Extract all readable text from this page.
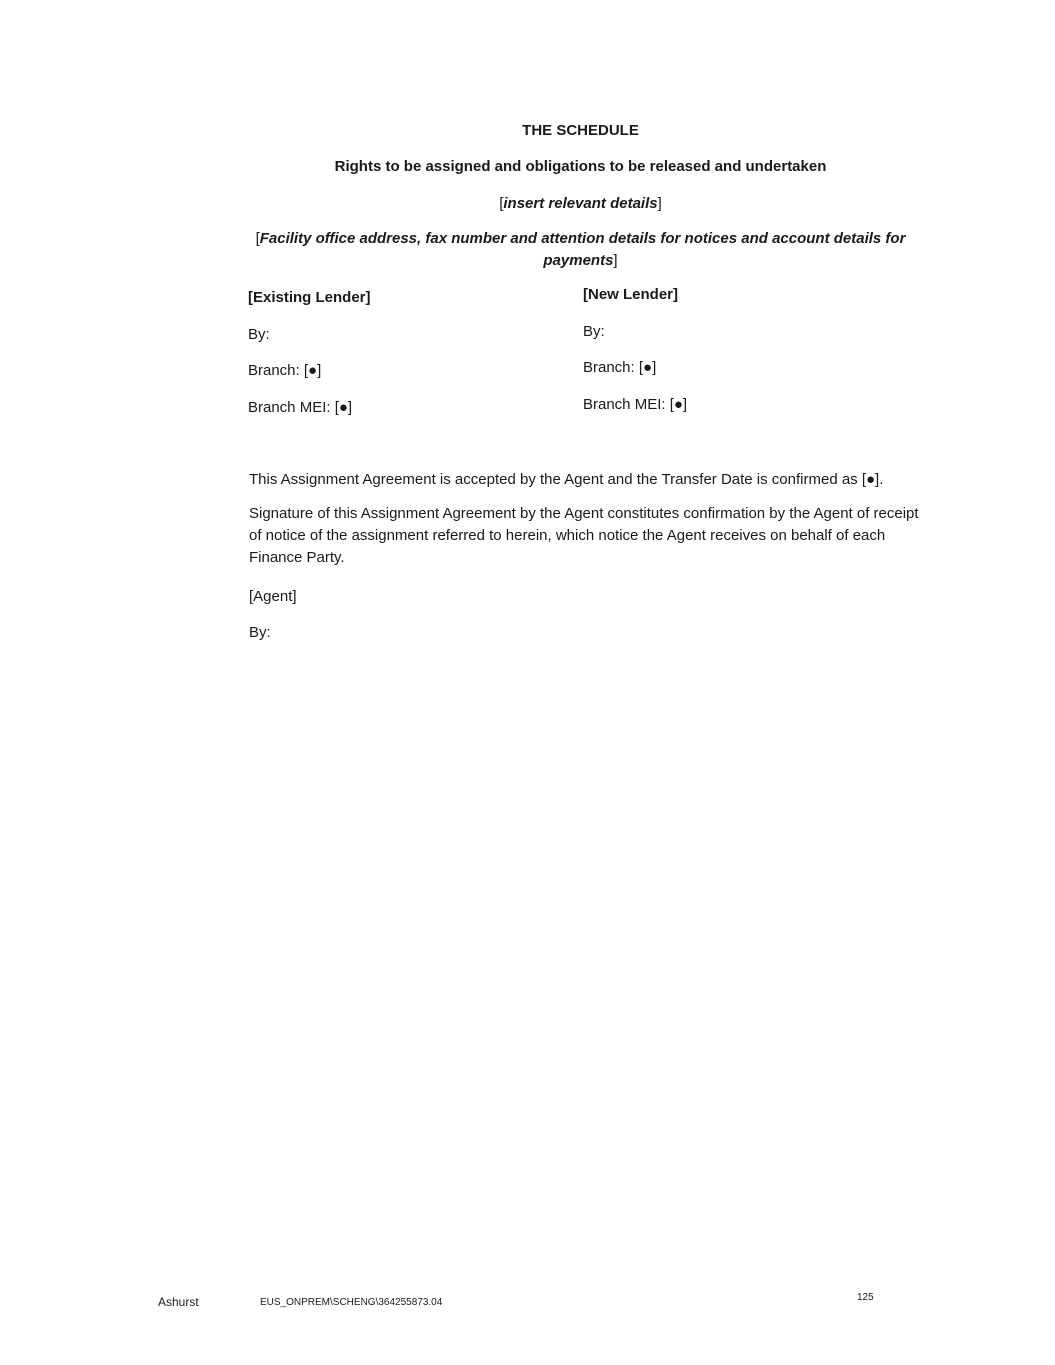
THE SCHEDULE
Rights to be assigned and obligations to be released and undertaken
[insert relevant details]
[Facility office address, fax number and attention details for notices and account details for payments]
[Existing Lender]
By:
Branch: [●]
Branch MEI: [●]
[New Lender]
By:
Branch: [●]
Branch MEI: [●]
This Assignment Agreement is accepted by the Agent and the Transfer Date is confirmed as [●].
Signature of this Assignment Agreement by the Agent constitutes confirmation by the Agent of receipt of notice of the assignment referred to herein, which notice the Agent receives on behalf of each Finance Party.
[Agent]
By:
Ashurst	EUS_ONPREM\SCHENG\364255873.04	125
